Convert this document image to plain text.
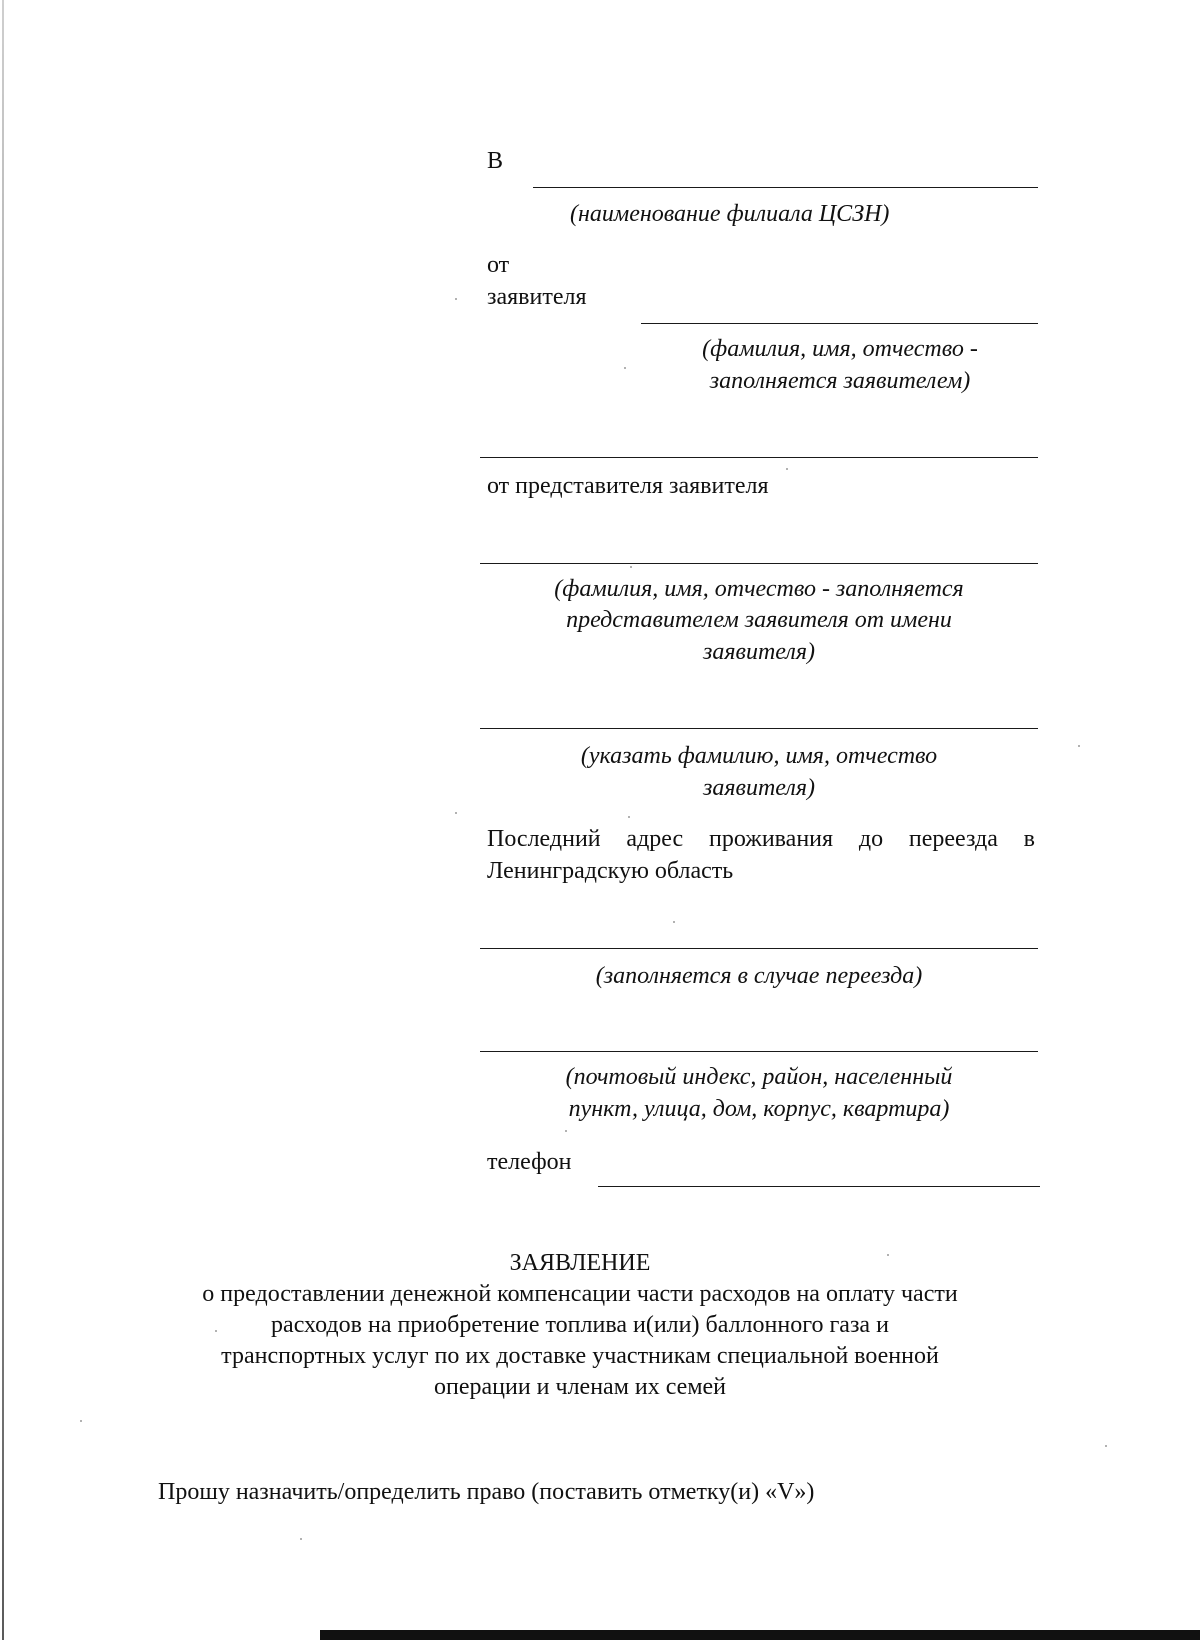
В
(наименование филиала ЦСЗН)
от
заявителя
(фамилия, имя, отчество -
заполняется заявителем)
от представителя заявителя
(фамилия, имя, отчество - заполняется
представителем заявителя от имени
заявителя)
(указать фамилию, имя, отчество
заявителя)
Последний адрес проживания до переезда в
Ленинградскую область
(заполняется в случае переезда)
(почтовый индекс, район, населенный
пункт, улица, дом, корпус, квартира)
телефон
ЗАЯВЛЕНИЕ
о предоставлении денежной компенсации части расходов на оплату части
расходов на приобретение топлива и(или) баллонного газа и
транспортных услуг по их доставке участникам специальной военной
операции и членам их семей
Прошу назначить/определить право (поставить отметку(и) «V»)
